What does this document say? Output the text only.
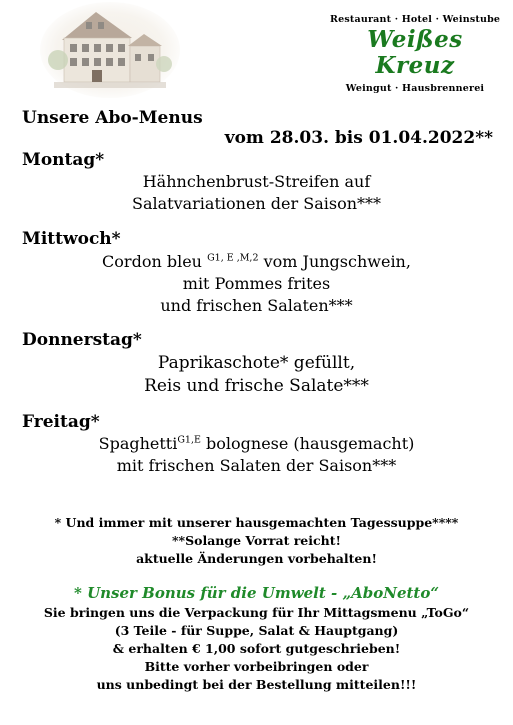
Restaurant · Hotel · Weinstube
Weißes Kreuz
Weingut · Hausbrennerei
Unsere Abo-Menus
vom 28.03. bis 01.04.2022**
Montag*
Hähnchenbrust-Streifen auf
Salatvariationen der Saison***
Mittwoch*
Cordon bleu $^{G1, E ,M,2}$ vom Jungschwein,
mit Pommes frites
und frischen Salaten***
Donnerstag*
Paprikaschote* gefüllt,
Reis und frische Salate***
Freitag*
Spaghetti$^{G1,E}$ bolognese (hausgemacht)
mit frischen Salaten der Saison***
* Und immer mit unserer hausgemachten Tagessuppe****
**Solange Vorrat reicht!
aktuelle Änderungen vorbehalten!
* Unser Bonus für die Umwelt - „AboNetto“
Sie bringen uns die Verpackung für Ihr Mittagsmenu „ToGo“
(3 Teile - für Suppe, Salat & Hauptgang)
& erhalten € 1,00 sofort gutgeschrieben!
Bitte vorher vorbeibringen oder
uns unbedingt bei der Bestellung mitteilen!!!
